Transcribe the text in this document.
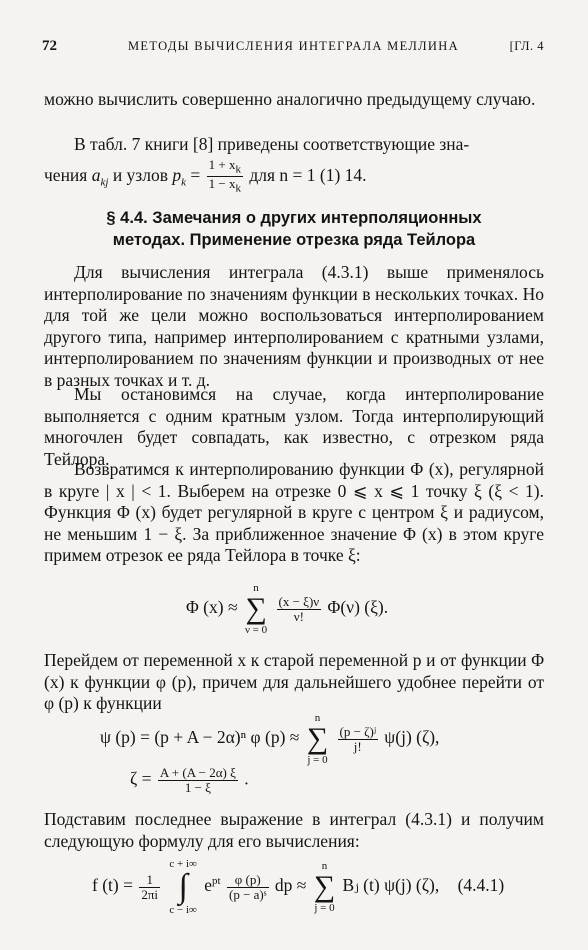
72	МЕТОДЫ ВЫЧИСЛЕНИЯ ИНТЕГРАЛА МЕЛЛИНА	[ГЛ. 4
можно вычислить совершенно аналогично предыдущему случаю.
В табл. 7 книги [8] приведены соответствующие зна-
чения $a_{kj}$ и узлов $p_k = \frac{1 + x_k}{1 - x_k}$ для n = 1 (1) 14.
§ 4.4. Замечания о других интерполяционных
методах. Применение отрезка ряда Тейлора
Для вычисления интеграла (4.3.1) выше применялось интерполирование по значениям функции в нескольких точках. Но для той же цели можно воспользоваться интерполированием другого типа, например интерполированием с кратными узлами, интерполированием по значениям функции и производных от нее в разных точках и т. д.
Мы остановимся на случае, когда интерполирование выполняется с одним кратным узлом. Тогда интерполирующий многочлен будет совпадать, как известно, с отрезком ряда Тейлора.
Возвратимся к интерполированию функции Φ (x), регулярной в круге | x | < 1. Выберем на отрезке 0 ⩽ x ⩽ 1 точку ξ (ξ < 1). Функция Φ (x) будет регулярной в круге с центром ξ и радиусом, не меньшим 1 − ξ. За приближенное значение Φ (x) в этом круге примем отрезок ее ряда Тейлора в точке ξ:
Φ (x) ≈
n
∑
ν = 0

$\frac{(x - \xi)\nu}{\nu!} \Phi(\nu)$ (ξ).
Перейдем от переменной x к старой переменной p и от функции Φ (x) к функции φ (p), причем для дальнейшего удобнее перейти от φ (p) к функции
ψ (p) = (p + A − 2α)ⁿ φ (p) ≈
n
∑
j = 0

$\frac{\text{(p − ζ)ʲ}}{j!} \psi(j)$ (ζ),
$\zeta = \frac{A + (A - 2\alpha) \xi}{1 - \xi}$ .
Подставим последнее выражение в интеграл (4.3.1) и получим следующую формулу для его вычисления:
f $(t) = \frac{1}{2\pi i}$

c + i∞
∫
c − i∞
$e^{pt} \frac{\varphi (p)}{\text{(p − a)ˢ}}$ dp ≈
n
∑
j = 0
Bⱼ (t) ψ(j) (ζ), (4.4.1)
